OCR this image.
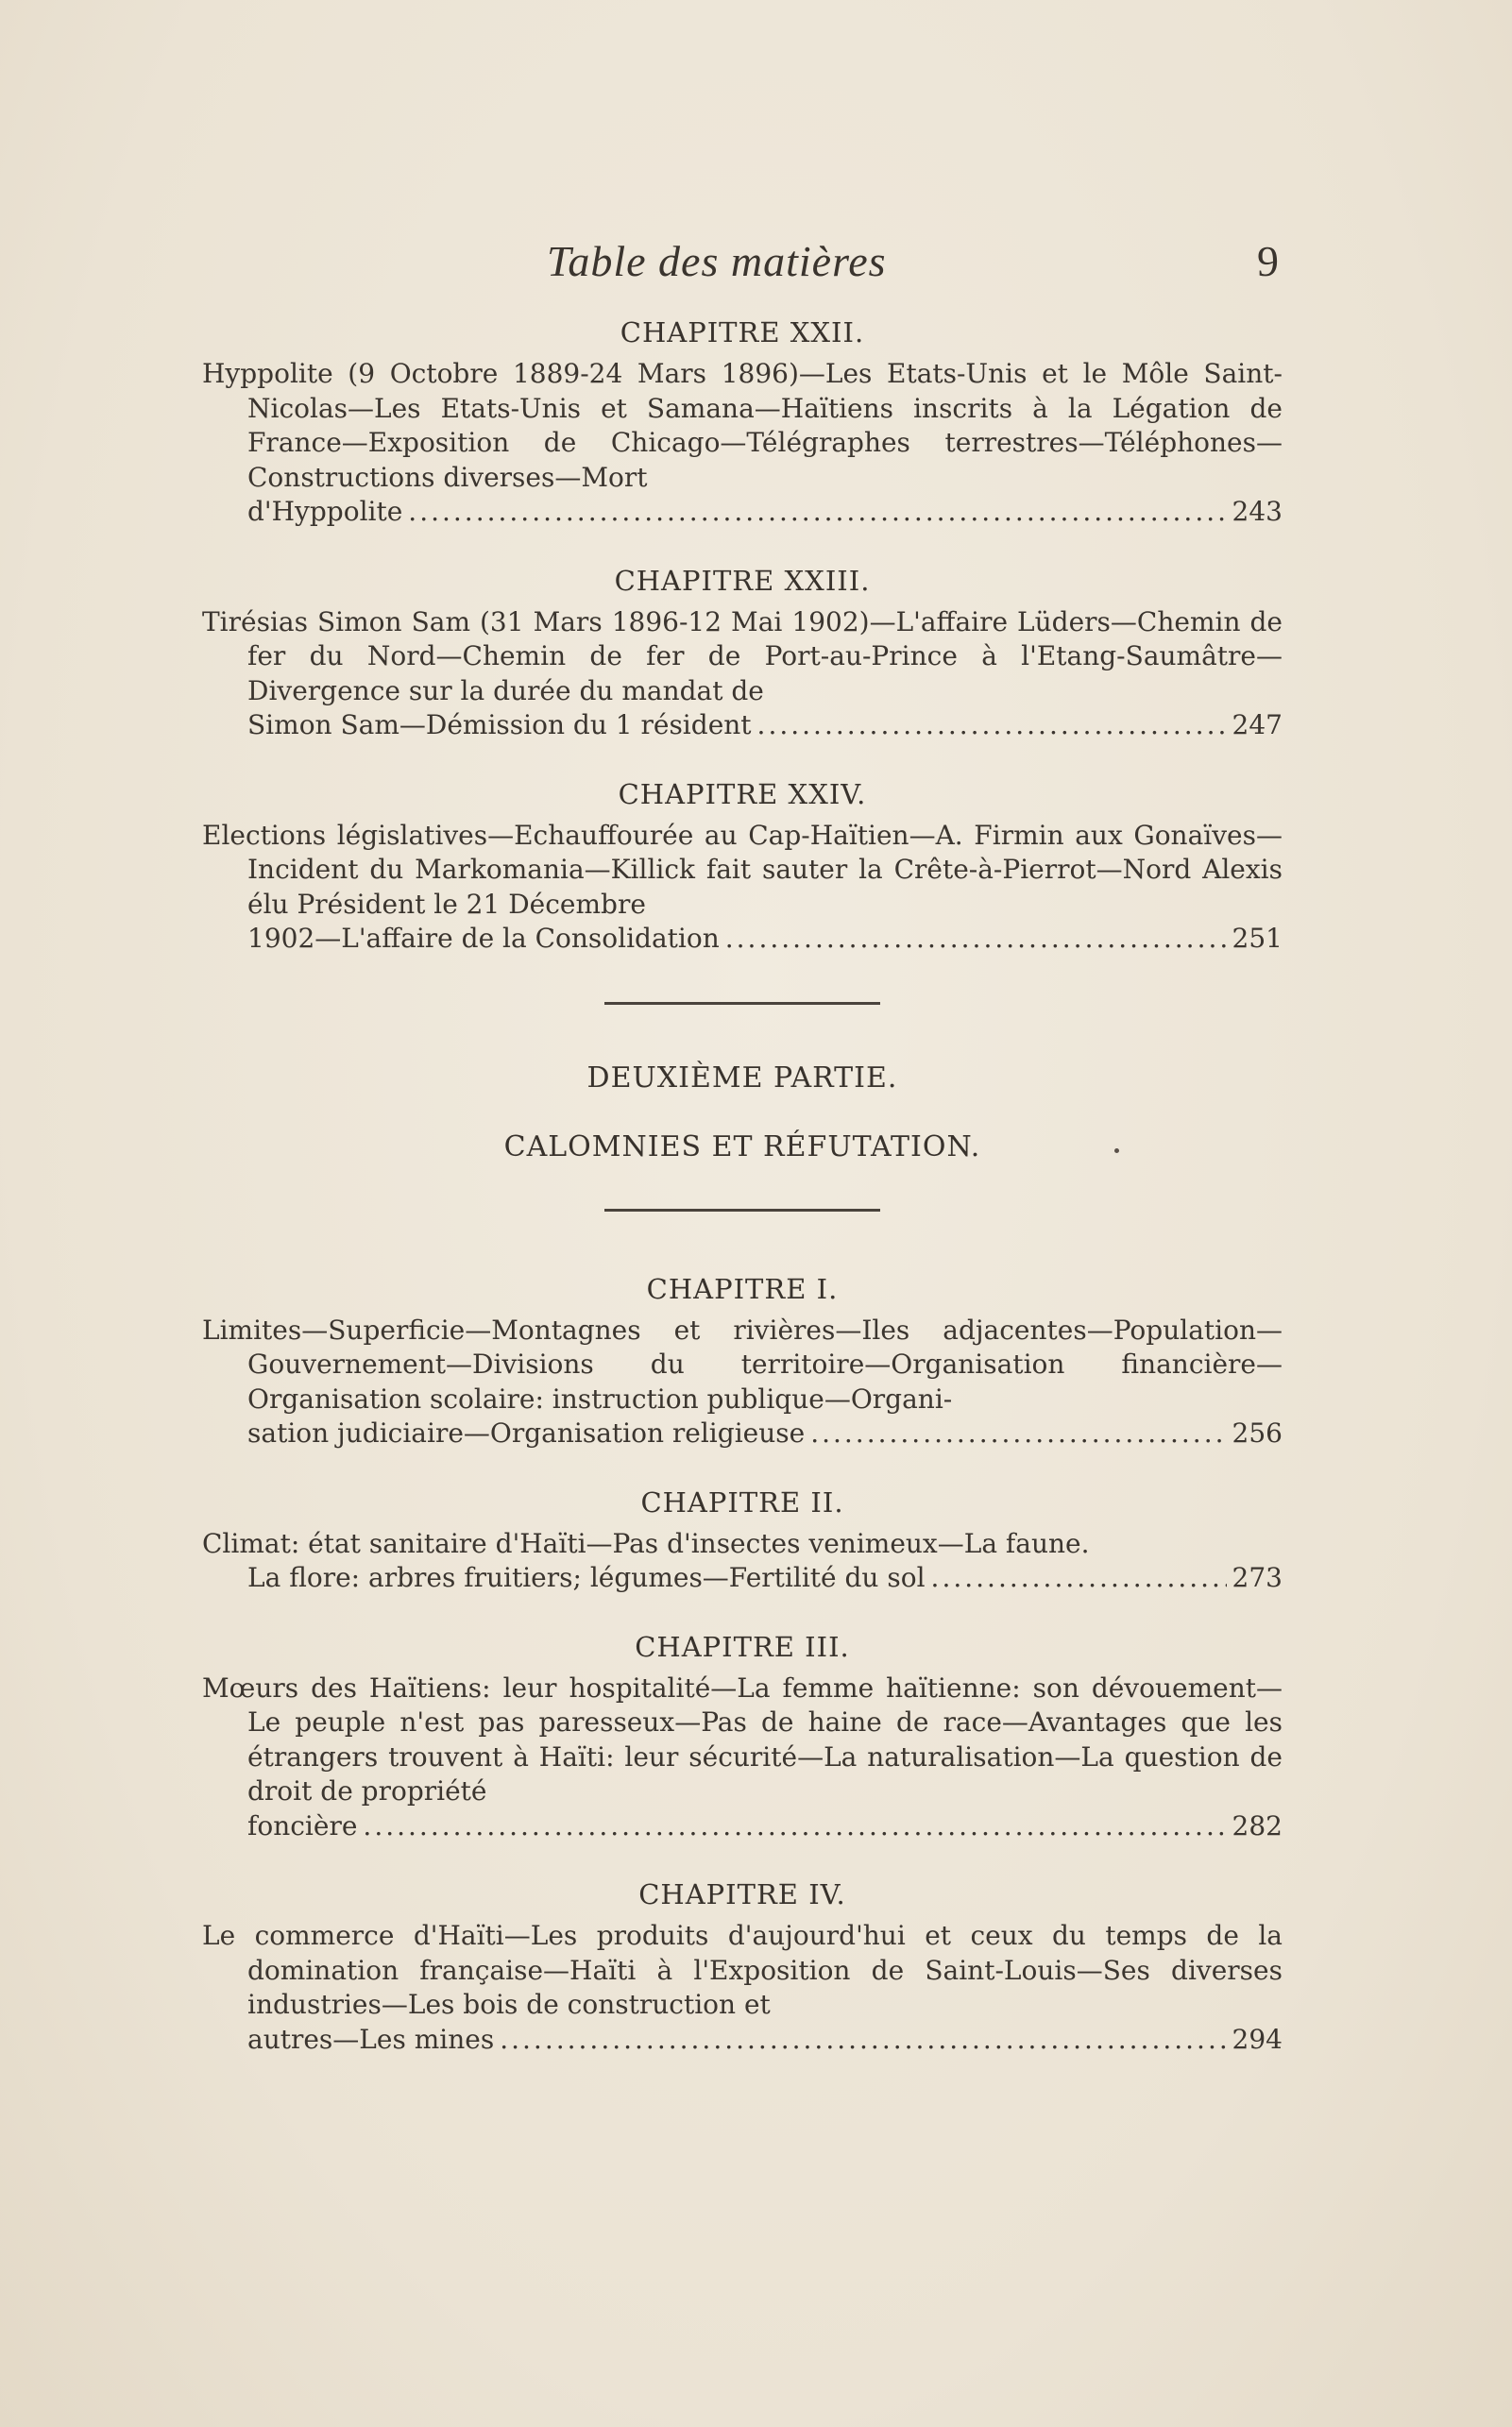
Table des matières	9
CHAPITRE XXII.
Hyppolite (9 Octobre 1889-24 Mars 1896)—Les Etats-Unis et le Môle Saint-Nicolas—Les Etats-Unis et Samana—Haïtiens inscrits à la Légation de France—Exposition de Chicago—Télégraphes terrestres—Téléphones—Constructions diverses—Mort
d'Hyppolite .....	243
CHAPITRE XXIII.
Tirésias Simon Sam (31 Mars 1896-12 Mai 1902)—L'affaire Lüders—Chemin de fer du Nord—Chemin de fer de Port-au-Prince à l'Etang-Saumâtre—Divergence sur la durée du mandat de
Simon Sam—Démission du 1 résident .....	247
CHAPITRE XXIV.
Elections législatives—Echauffourée au Cap-Haïtien—A. Firmin aux Gonaïves—Incident du Markomania—Killick fait sauter la Crête-à-Pierrot—Nord Alexis élu Président le 21 Décembre
1902—L'affaire de la Consolidation .....	251
DEUXIÈME PARTIE.
CALOMNIES ET RÉFUTATION.
CHAPITRE I.
Limites—Superficie—Montagnes et rivières—Iles adjacentes—Population—Gouvernement—Divisions du territoire—Organisation financière—Organisation scolaire: instruction publique—Organi-
sation judiciaire—Organisation religieuse .....	256
CHAPITRE II.
Climat: état sanitaire d'Haïti—Pas d'insectes venimeux—La faune.
La flore: arbres fruitiers; légumes—Fertilité du sol .....	273
CHAPITRE III.
Mœurs des Haïtiens: leur hospitalité—La femme haïtienne: son dévouement—Le peuple n'est pas paresseux—Pas de haine de race—Avantages que les étrangers trouvent à Haïti: leur sécurité—La naturalisation—La question de droit de propriété
foncière .....	282
CHAPITRE IV.
Le commerce d'Haïti—Les produits d'aujourd'hui et ceux du temps de la domination française—Haïti à l'Exposition de Saint-Louis—Ses diverses industries—Les bois de construction et
autres—Les mines .....	294
